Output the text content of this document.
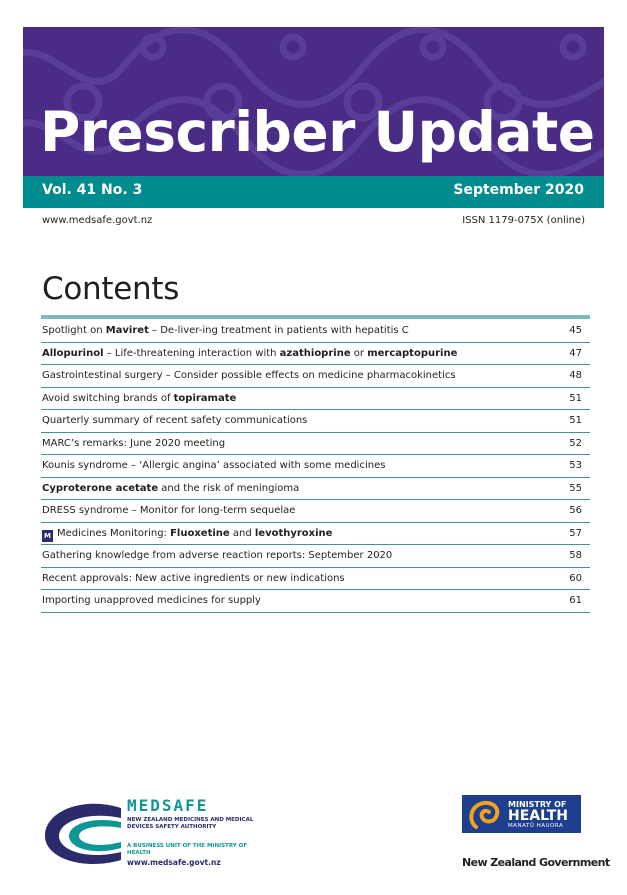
Prescriber Update
Vol. 41 No. 3	September 2020
www.medsafe.govt.nz	ISSN 1179-075X (online)
Contents
Spotlight on Maviret – De-liver-ing treatment in patients with hepatitis C	45
Allopurinol – Life-threatening interaction with azathioprine or mercaptopurine	47
Gastrointestinal surgery – Consider possible effects on medicine pharmacokinetics	48
Avoid switching brands of topiramate	51
Quarterly summary of recent safety communications	51
MARC’s remarks: June 2020 meeting	52
Kounis syndrome – ‘Allergic angina’ associated with some medicines	53
Cyproterone acetate and the risk of meningioma	55
DRESS syndrome – Monitor for long-term sequelae	56
M Medicines Monitoring: Fluoxetine and levothyroxine	57
Gathering knowledge from adverse reaction reports: September 2020	58
Recent approvals: New active ingredients or new indications	60
Importing unapproved medicines for supply	61
MEDSAFE
NEW ZEALAND MEDICINES AND MEDICAL DEVICES SAFETY AUTHORITY
A BUSINESS UNIT OF THE MINISTRY OF HEALTH
www.medsafe.govt.nz
MINISTRY OF
HEALTH
MANATŪ HAUORA
New Zealand Government
